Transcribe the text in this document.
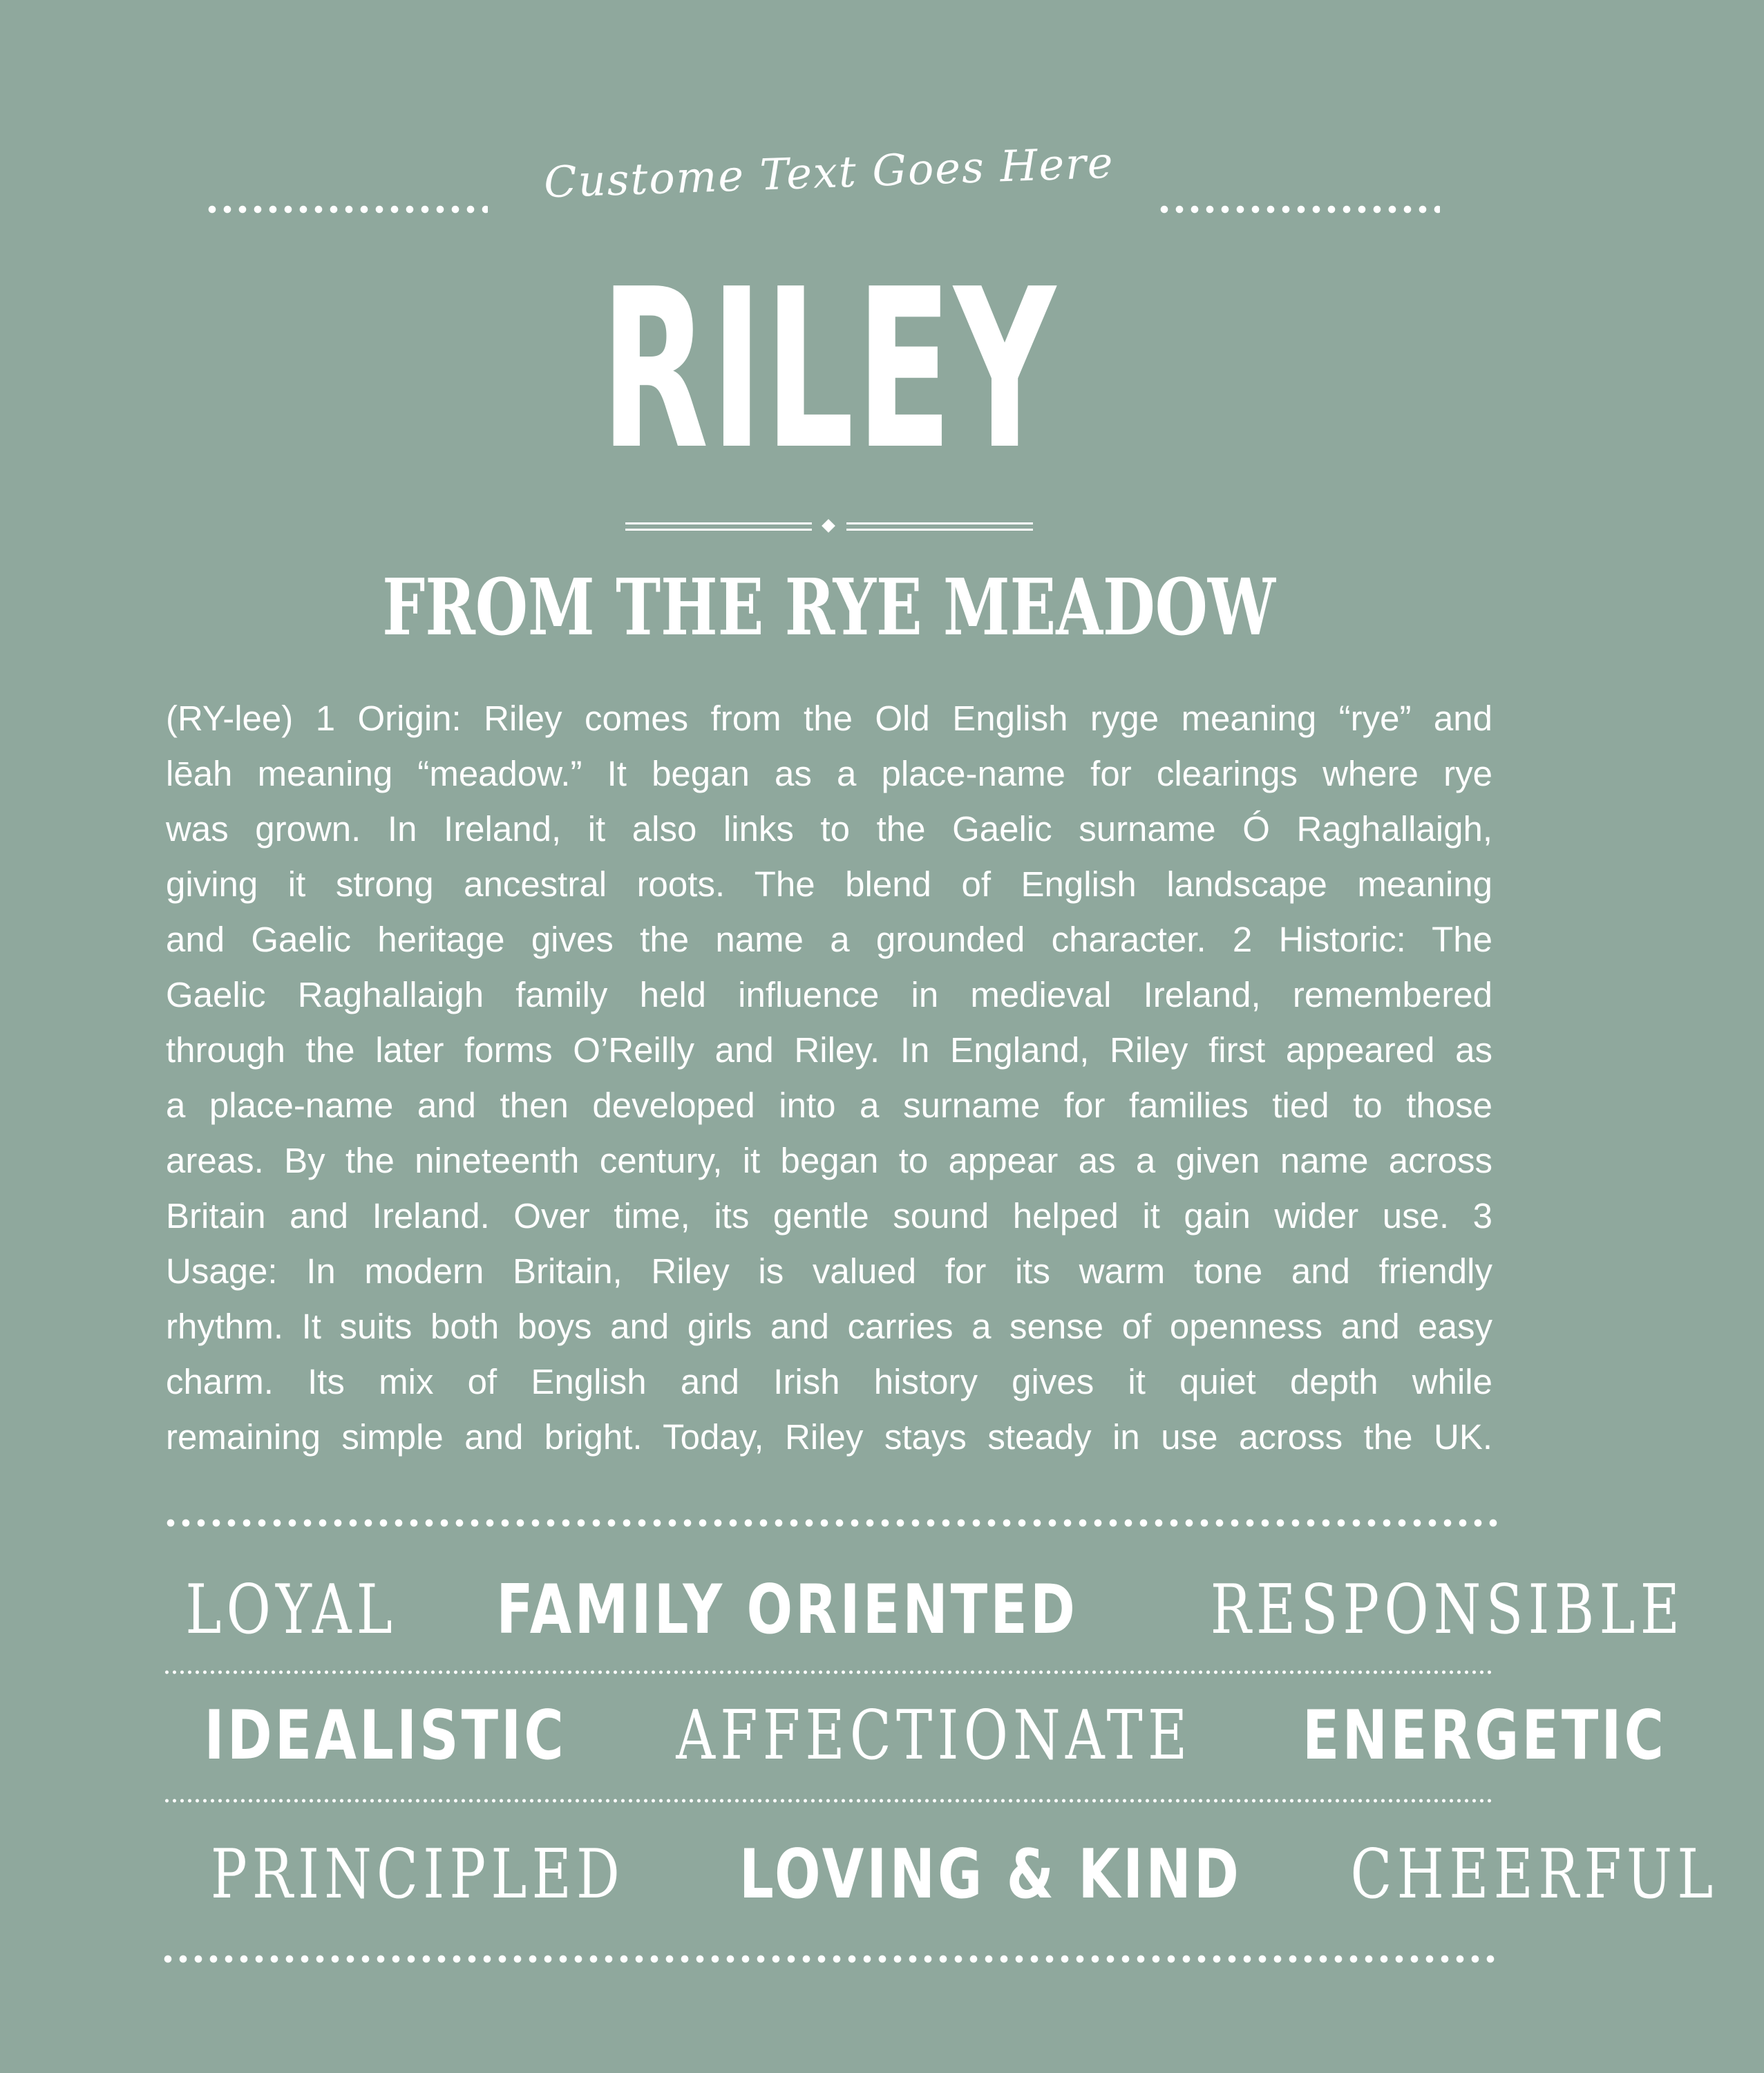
Custome Text Goes Here
RILEY
FROM THE RYE MEADOW
(RY-lee) 1 Origin: Riley comes from the Old English ryge meaning “rye” and
lēah meaning “meadow.” It began as a place-name for clearings where rye
was grown. In Ireland, it also links to the Gaelic surname Ó Raghallaigh,
giving it strong ancestral roots. The blend of English landscape meaning
and Gaelic heritage gives the name a grounded character. 2 Historic: The
Gaelic Raghallaigh family held influence in medieval Ireland, remembered
through the later forms O’Reilly and Riley. In England, Riley first appeared as
a place-name and then developed into a surname for families tied to those
areas. By the nineteenth century, it began to appear as a given name across
Britain and Ireland. Over time, its gentle sound helped it gain wider use. 3
Usage: In modern Britain, Riley is valued for its warm tone and friendly
rhythm. It suits both boys and girls and carries a sense of openness and easy
charm. Its mix of English and Irish history gives it quiet depth while
remaining simple and bright. Today, Riley stays steady in use across the UK.
LOYAL	FAMILY ORIENTED	RESPONSIBLE
IDEALISTIC	AFFECTIONATE	ENERGETIC
PRINCIPLED	LOVING & KIND	CHEERFUL
